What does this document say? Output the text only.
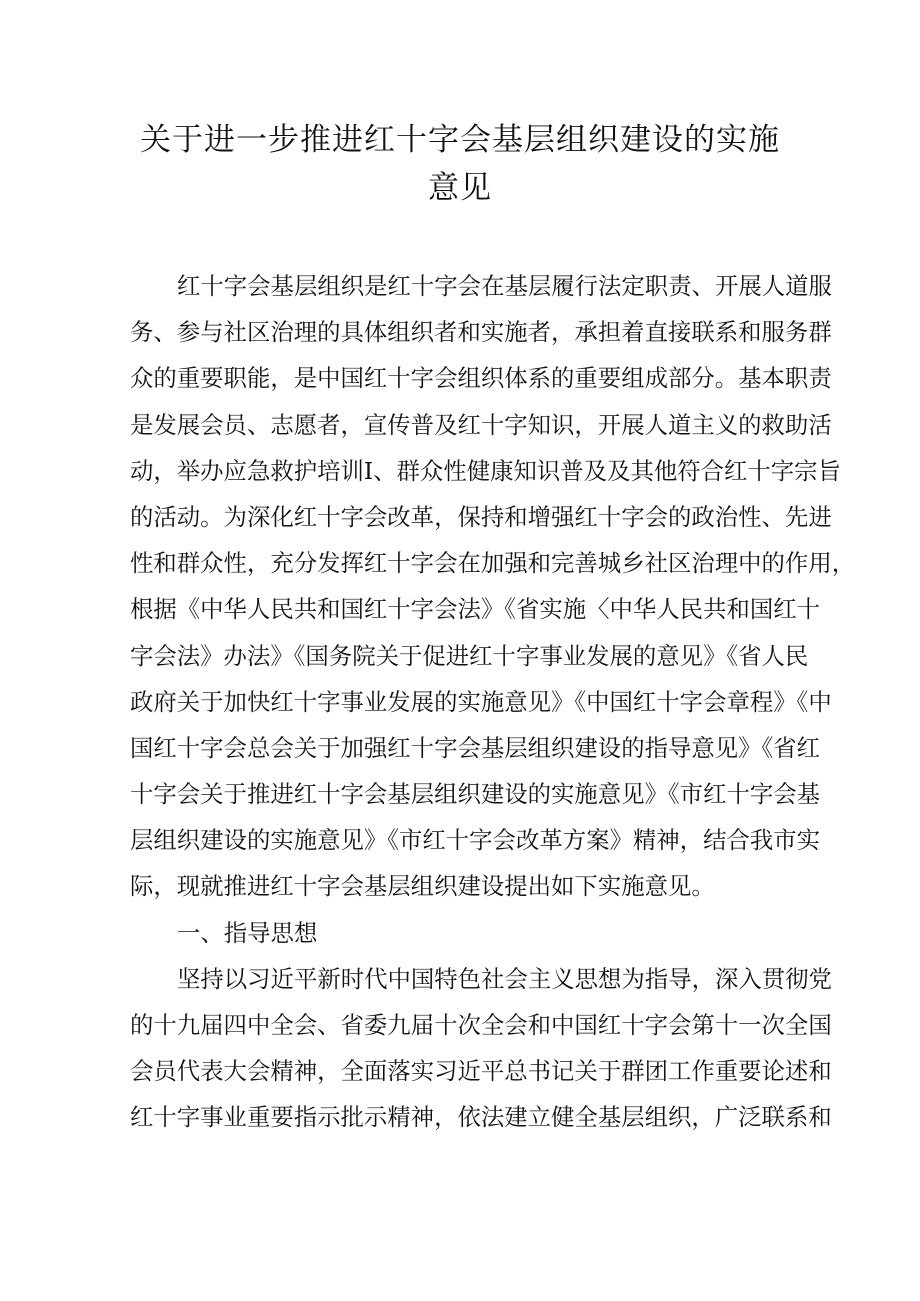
关于进一步推进红十字会基层组织建设的实施
意见
红十字会基层组织是红十字会在基层履行法定职责、开展人道服
务、参与社区治理的具体组织者和实施者，承担着直接联系和服务群
众的重要职能，是中国红十字会组织体系的重要组成部分。基本职责
是发展会员、志愿者，宣传普及红十字知识，开展人道主义的救助活
动，举办应急救护培训Ⅰ、群众性健康知识普及及其他符合红十字宗旨
的活动。为深化红十字会改革，保持和增强红十字会的政治性、先进
性和群众性，充分发挥红十字会在加强和完善城乡社区治理中的作用，
根据《中华人民共和国红十字会法》《省实施〈中华人民共和国红十
字会法》办法》《国务院关于促进红十字事业发展的意见》《省人民
政府关于加快红十字事业发展的实施意见》《中国红十字会章程》《中
国红十字会总会关于加强红十字会基层组织建设的指导意见》《省红
十字会关于推进红十字会基层组织建设的实施意见》《市红十字会基
层组织建设的实施意见》《市红十字会改革方案》精神，结合我市实
际，现就推进红十字会基层组织建设提出如下实施意见。
一、指导思想
坚持以习近平新时代中国特色社会主义思想为指导，深入贯彻党
的十九届四中全会、省委九届十次全会和中国红十字会第十一次全国
会员代表大会精神，全面落实习近平总书记关于群团工作重要论述和
红十字事业重要指示批示精神，依法建立健全基层组织，广泛联系和
